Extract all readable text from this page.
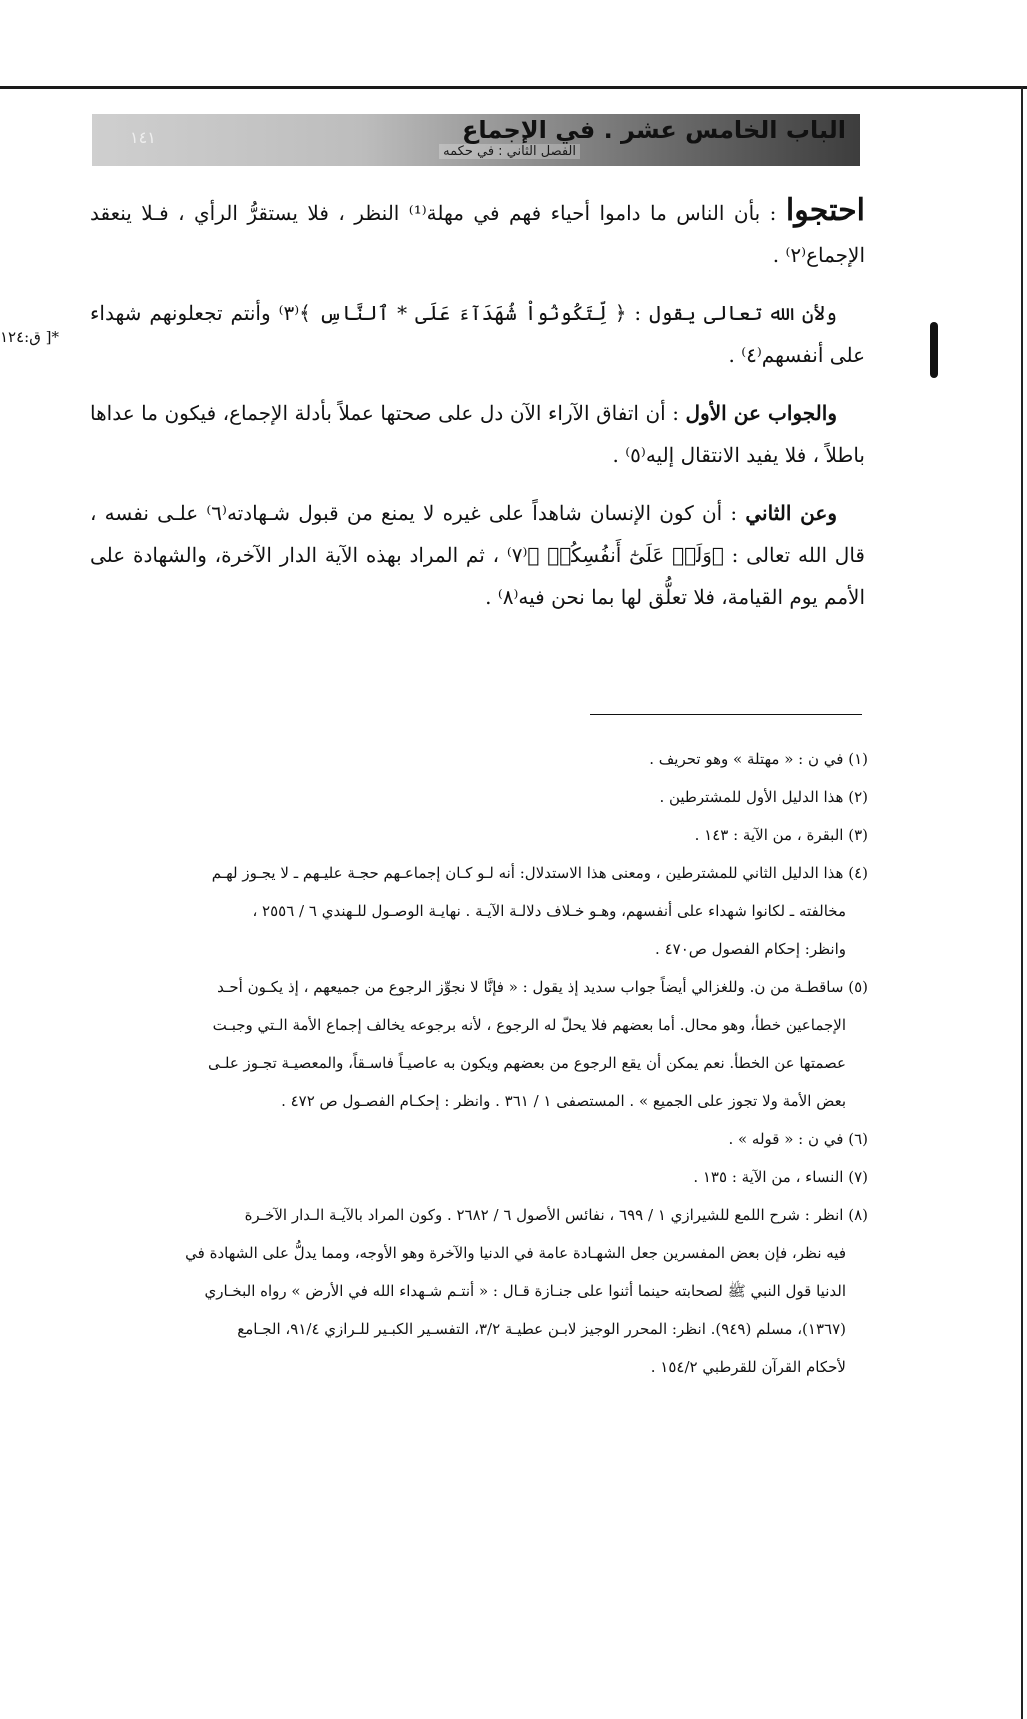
الباب الخامس عشر . في الإجماع
الفصل الثاني : في حكمه
١٤١
*[ ق:١٢٤

احتجوا : بأن الناس ما داموا أحياء فهم في مهلة⁽¹⁾ النظر ، فلا يستقرُّ الرأي ، فـلا ينعقد الإجماع⁽٢⁾ .

ولأن الله تعالى يقول : ﴿ لِّتَكُونُواْ شُهَدَآءَ عَلَى * ٱلنَّاسِ ﴾⁽٣⁾ وأنتم تجعلونهم شهداء على أنفسهم⁽٤⁾ .

والجواب عن الأول : أن اتفاق الآراء الآن دل على صحتها عملاً بأدلة الإجماع، فيكون ما عداها باطلاً ، فلا يفيد الانتقال إليه⁽٥⁾ .

وعن الثاني : أن كون الإنسان شاهداً على غيره لا يمنع من قبول شـهادته⁽٦⁾ علـى نفسه ، قال الله تعالى : ﴿وَلَوۡ عَلَىٰٓ أَنفُسِكُمۡ ﴾⁽٧⁾ ، ثم المراد بهذه الآية الدار الآخرة، والشهادة على الأمم يوم القيامة، فلا تعلُّق لها بما نحن فيه⁽٨⁾ .

(١) في ن : « مهتلة » وهو تحريف .

(٢) هذا الدليل الأول للمشترطين .

(٣) البقرة ، من الآية : ١٤٣ .

(٤) هذا الدليل الثاني للمشترطين ، ومعنى هذا الاستدلال: أنه لـو كـان إجماعـهم حجـة عليـهم ـ لا يجـوز لهـم

مخالفته ـ لكانوا شهداء على أنفسهم، وهـو خـلاف دلالـة الآيـة . نهايـة الوصـول للـهندي ٦ / ٢٥٥٦ ،

وانظر: إحكام الفصول ص٤٧٠ .

(٥) ساقطـة من ن. وللغزالي أيضاً جواب سديد إذ يقول : « فإنَّا لا نجوِّز الرجوع من جميعهم ، إذ يكـون أحـد

الإجماعين خطأ، وهو محال. أما بعضهم فلا يحلّ له الرجوع ، لأنه برجوعه يخالف إجماع الأمة الـتي وجبـت

عصمتها عن الخطأ. نعم يمكن أن يقع الرجوع من بعضهم ويكون به عاصيـاً فاسـقاً، والمعصيـة تجـوز علـى

بعض الأمة ولا تجوز على الجميع » . المستصفى ١ / ٣٦١ . وانظر : إحكـام الفصـول ص ٤٧٢ .

(٦) في ن : « قوله » .

(٧) النساء ، من الآية : ١٣٥ .

(٨) انظر : شرح اللمع للشيرازي ١ / ٦٩٩ ، نفائس الأصول ٦ / ٢٦٨٢ . وكون المراد بالآيـة الـدار الآخـرة

فيه نظر، فإن بعض المفسرين جعل الشهـادة عامة في الدنيا والآخرة وهو الأوجه، ومما يدلُّ على الشهادة في

الدنيا قول النبي ﷺ لصحابته حينما أثنوا على جنـازة قـال : « أنتـم شـهداء الله في الأرض » رواه البخـاري

(١٣٦٧)، مسلم (٩٤٩). انظر: المحرر الوجيز لابـن عطيـة ٣/٢، التفسـير الكبـير للـرازي ٩١/٤، الجـامع

لأحكام القرآن للقرطبي ١٥٤/٢ .
